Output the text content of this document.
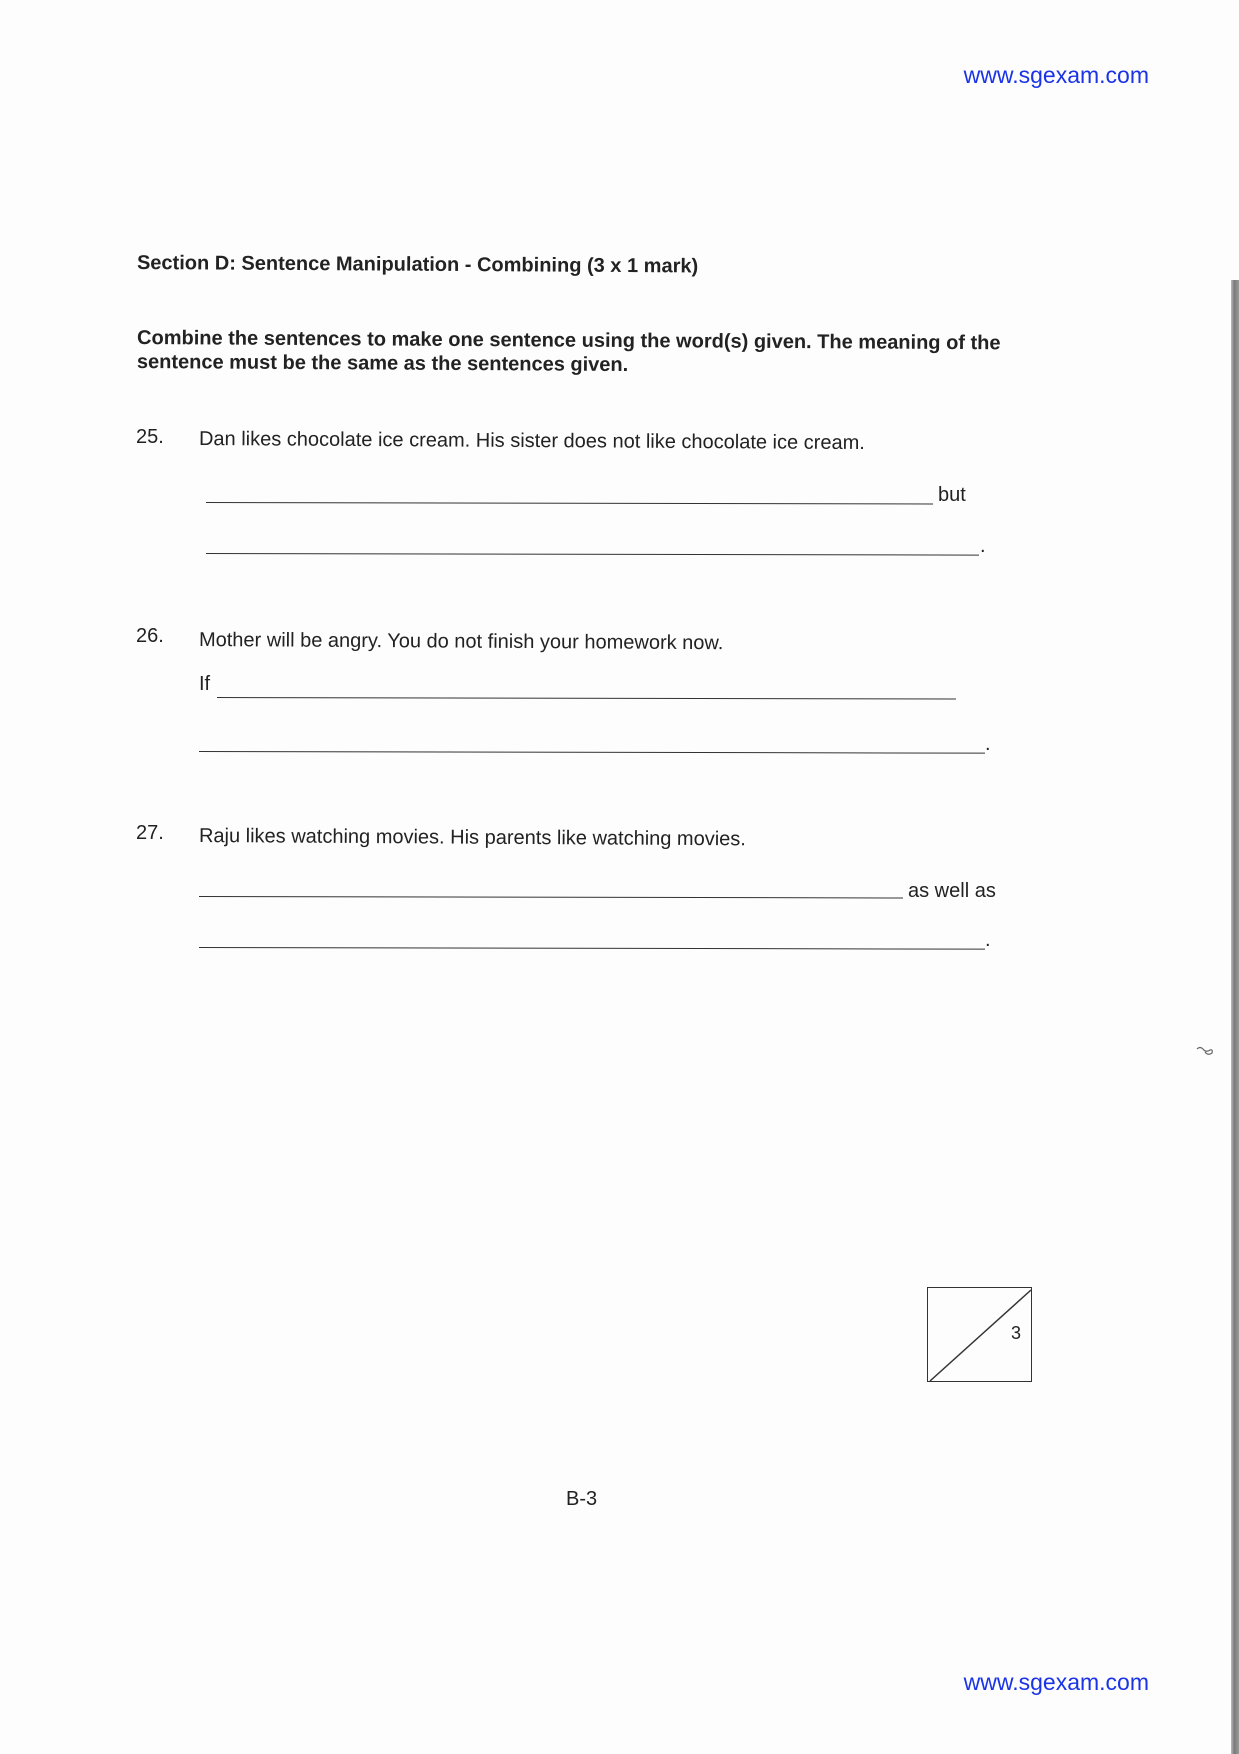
www.sgexam.com
Section D: Sentence Manipulation - Combining (3 x 1 mark)
Combine the sentences to make one sentence using the word(s) given. The meaning of the sentence must be the same as the sentences given.
25. Dan likes chocolate ice cream. His sister does not like chocolate ice cream.
but
.
26. Mother will be angry. You do not finish your homework now.
If
.
27. Raju likes watching movies. His parents like watching movies.
as well as
.
3
B-3
www.sgexam.com
